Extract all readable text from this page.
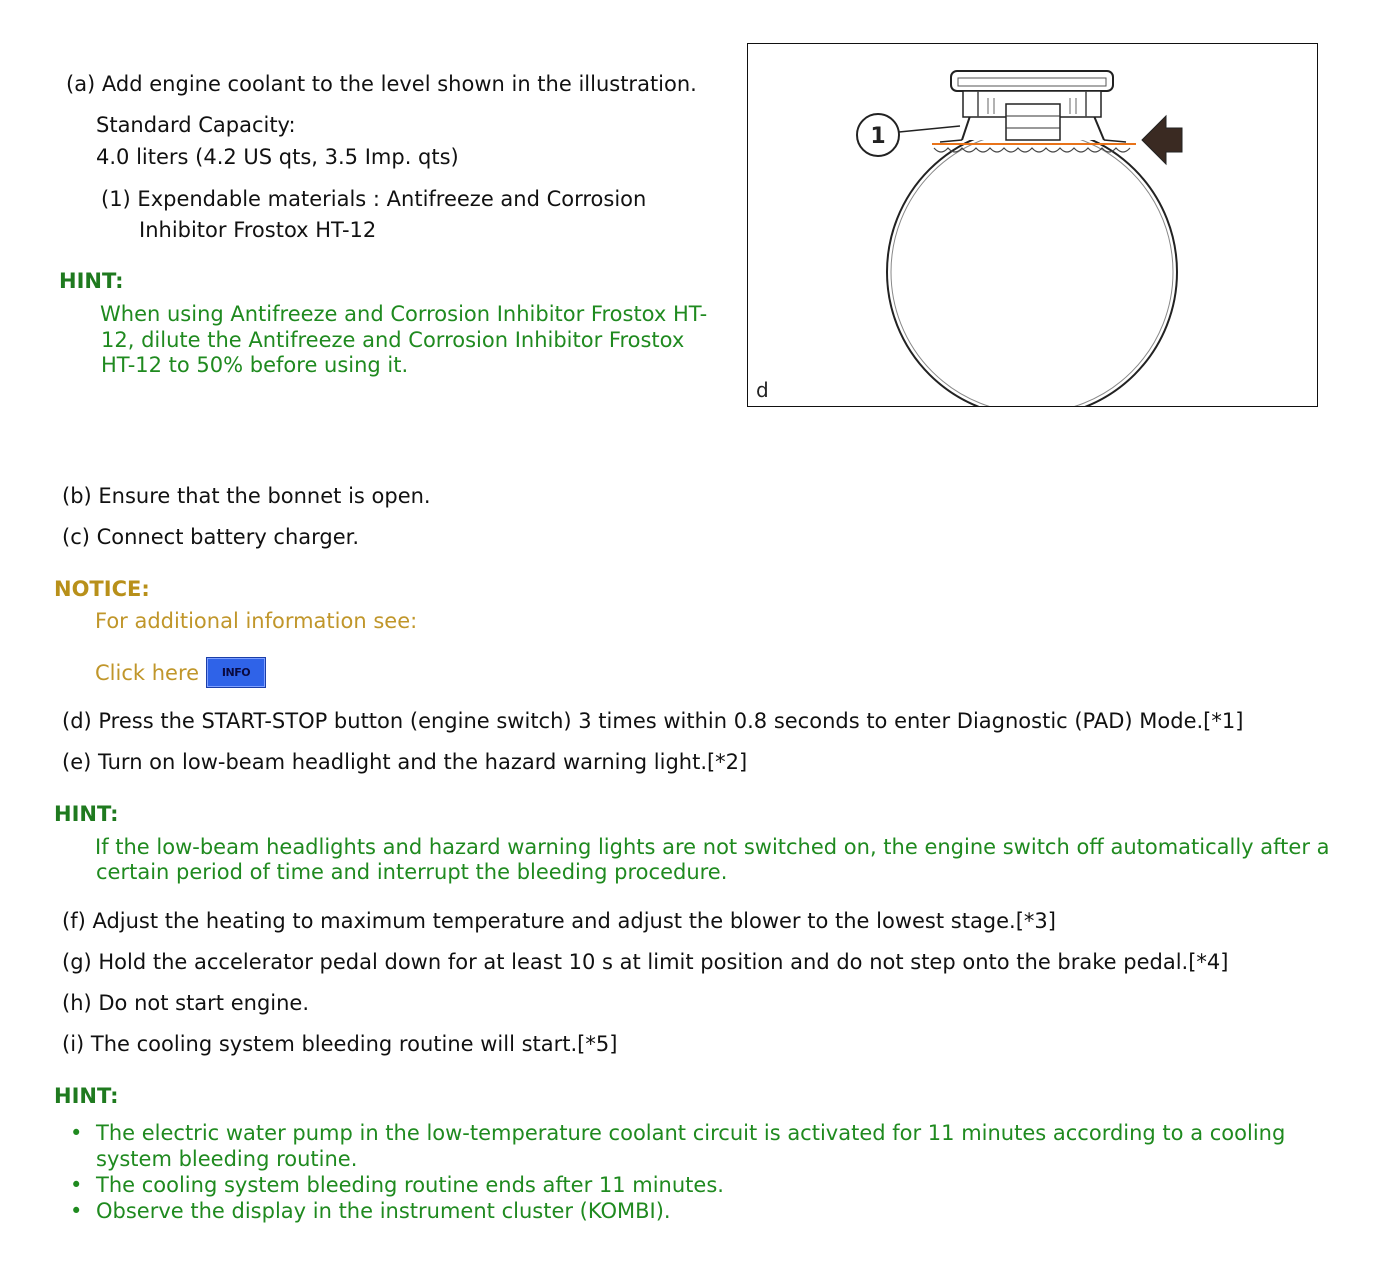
(a) Add engine coolant to the level shown in the illustration.
Standard Capacity:
4.0 liters (4.2 US qts, 3.5 Imp. qts)
(1) Expendable materials : Antifreeze and Corrosion
Inhibitor Frostox HT-12
HINT:
When using Antifreeze and Corrosion Inhibitor Frostox HT-
12, dilute the Antifreeze and Corrosion Inhibitor Frostox
HT-12 to 50% before using it.
1
d
(b) Ensure that the bonnet is open.
(c) Connect battery charger.
NOTICE:
For additional information see:
Click here	INFO
(d) Press the START-STOP button (engine switch) 3 times within 0.8 seconds to enter Diagnostic (PAD) Mode.[*1]
(e) Turn on low-beam headlight and the hazard warning light.[*2]
HINT:
If the low-beam headlights and hazard warning lights are not switched on, the engine switch off automatically after a
certain period of time and interrupt the bleeding procedure.
(f) Adjust the heating to maximum temperature and adjust the blower to the lowest stage.[*3]
(g) Hold the accelerator pedal down for at least 10 s at limit position and do not step onto the brake pedal.[*4]
(h) Do not start engine.
(i) The cooling system bleeding routine will start.[*5]
HINT:
• The electric water pump in the low-temperature coolant circuit is activated for 11 minutes according to a cooling
system bleeding routine.
• The cooling system bleeding routine ends after 11 minutes.
• Observe the display in the instrument cluster (KOMBI).
